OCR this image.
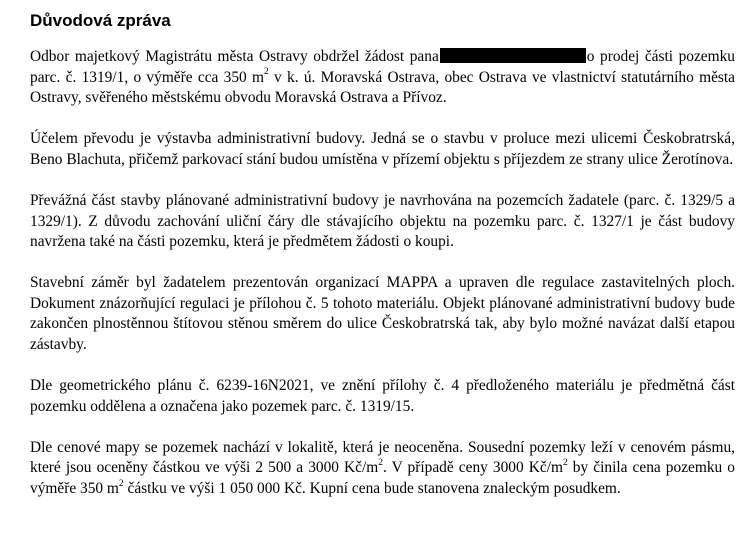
Důvodová zpráva

Odbor majetkový Magistrátu města Ostravy obdržel žádost pana	o prodej části pozemku parc. č. 1319/1, o výměře cca 350 $m^2$ v k. ú. Moravská Ostrava, obec Ostrava ve vlastnictví statutárního města Ostravy, svěřeného městskému obvodu Moravská Ostrava a Přívoz.

Účelem převodu je výstavba administrativní budovy. Jedná se o stavbu v proluce mezi ulicemi Českobratrská, Beno Blachuta, přičemž parkovací stání budou umístěna v přízemí objektu s příjezdem ze strany ulice Žerotínova.

Převážná část stavby plánované administrativní budovy je navrhována na pozemcích žadatele (parc. č. 1329/5 a 1329/1). Z důvodu zachování uliční čáry dle stávajícího objektu na pozemku parc. č. 1327/1 je část budovy navržena také na části pozemku, která je předmětem žádosti o koupi.

Stavební záměr byl žadatelem prezentován organizací MAPPA a upraven dle regulace zastavitelných ploch. Dokument znázorňující regulaci je přílohou č. 5 tohoto materiálu. Objekt plánované administrativní budovy bude zakončen plnostěnnou štítovou stěnou směrem do ulice Českobratrská tak, aby bylo možné navázat další etapou zástavby.

Dle geometrického plánu č. 6239-16N2021, ve znění přílohy č. 4 předloženého materiálu je předmětná část pozemku oddělena a označena jako pozemek parc. č. 1319/15.

Dle cenové mapy se pozemek nachází v lokalitě, která je neoceněna. Sousední pozemky leží v cenovém pásmu, které jsou oceněny částkou ve výši 2 500 a 3000 $Kč/m^2$. V případě ceny 3000 $Kč/m^2$ by činila cena pozemku o výměře 350 $m^2$ částku ve výši 1 050 000 Kč. Kupní cena bude stanovena znaleckým posudkem.
